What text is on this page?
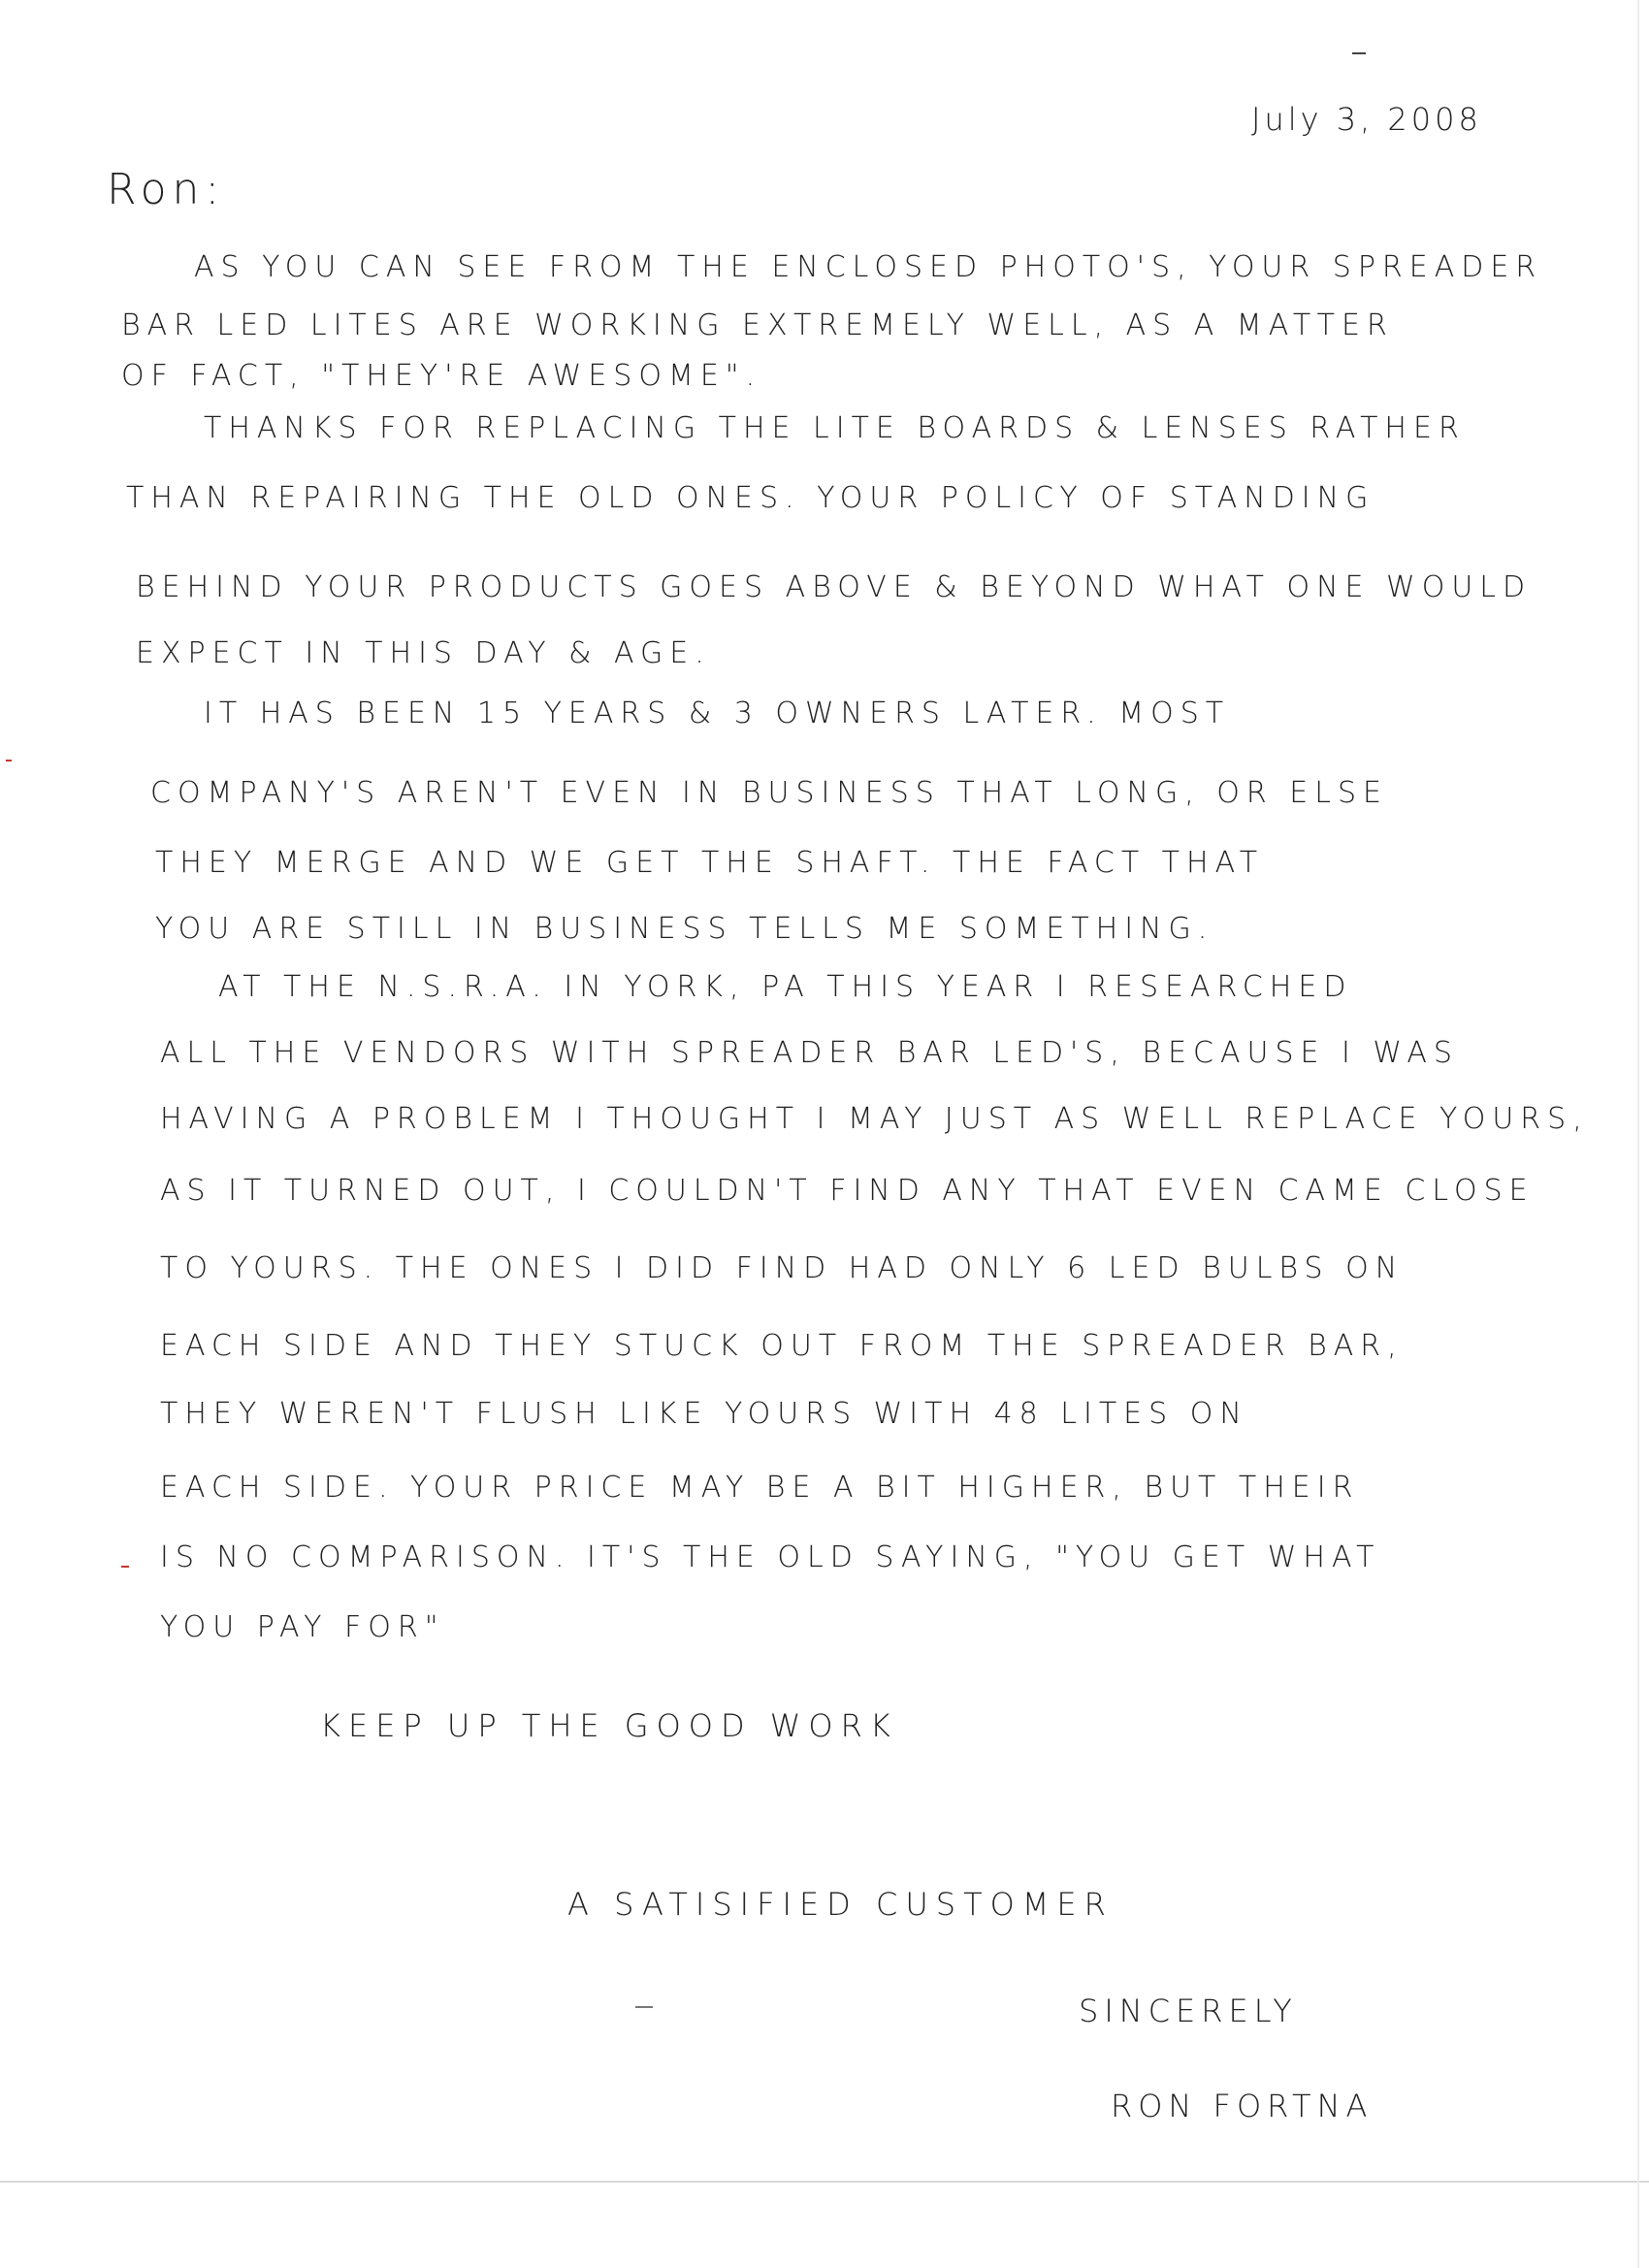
July 3, 2008

Ron:

AS YOU CAN SEE FROM THE ENCLOSED PHOTO'S, YOUR SPREADER

BAR LED LITES ARE WORKING EXTREMELY WELL, AS A MATTER

OF FACT, "THEY'RE AWESOME".

THANKS FOR REPLACING THE LITE BOARDS & LENSES RATHER

THAN REPAIRING THE OLD ONES. YOUR POLICY OF STANDING

BEHIND YOUR PRODUCTS GOES ABOVE & BEYOND WHAT ONE WOULD

EXPECT IN THIS DAY & AGE.

IT HAS BEEN 15 YEARS & 3 OWNERS LATER. MOST

COMPANY'S AREN'T EVEN IN BUSINESS THAT LONG, OR ELSE

THEY MERGE AND WE GET THE SHAFT. THE FACT THAT

YOU ARE STILL IN BUSINESS TELLS ME SOMETHING.

AT THE N.S.R.A. IN YORK, PA THIS YEAR I RESEARCHED

ALL THE VENDORS WITH SPREADER BAR LED'S, BECAUSE I WAS

HAVING A PROBLEM I THOUGHT I MAY JUST AS WELL REPLACE YOURS,

AS IT TURNED OUT, I COULDN'T FIND ANY THAT EVEN CAME CLOSE

TO YOURS. THE ONES I DID FIND HAD ONLY 6 LED BULBS ON

EACH SIDE AND THEY STUCK OUT FROM THE SPREADER BAR,

THEY WEREN'T FLUSH LIKE YOURS WITH 48 LITES ON

EACH SIDE. YOUR PRICE MAY BE A BIT HIGHER, BUT THEIR

IS NO COMPARISON. IT'S THE OLD SAYING, "YOU GET WHAT

YOU PAY FOR"

KEEP UP THE GOOD WORK

A SATISIFIED CUSTOMER

SINCERELY

RON FORTNA
